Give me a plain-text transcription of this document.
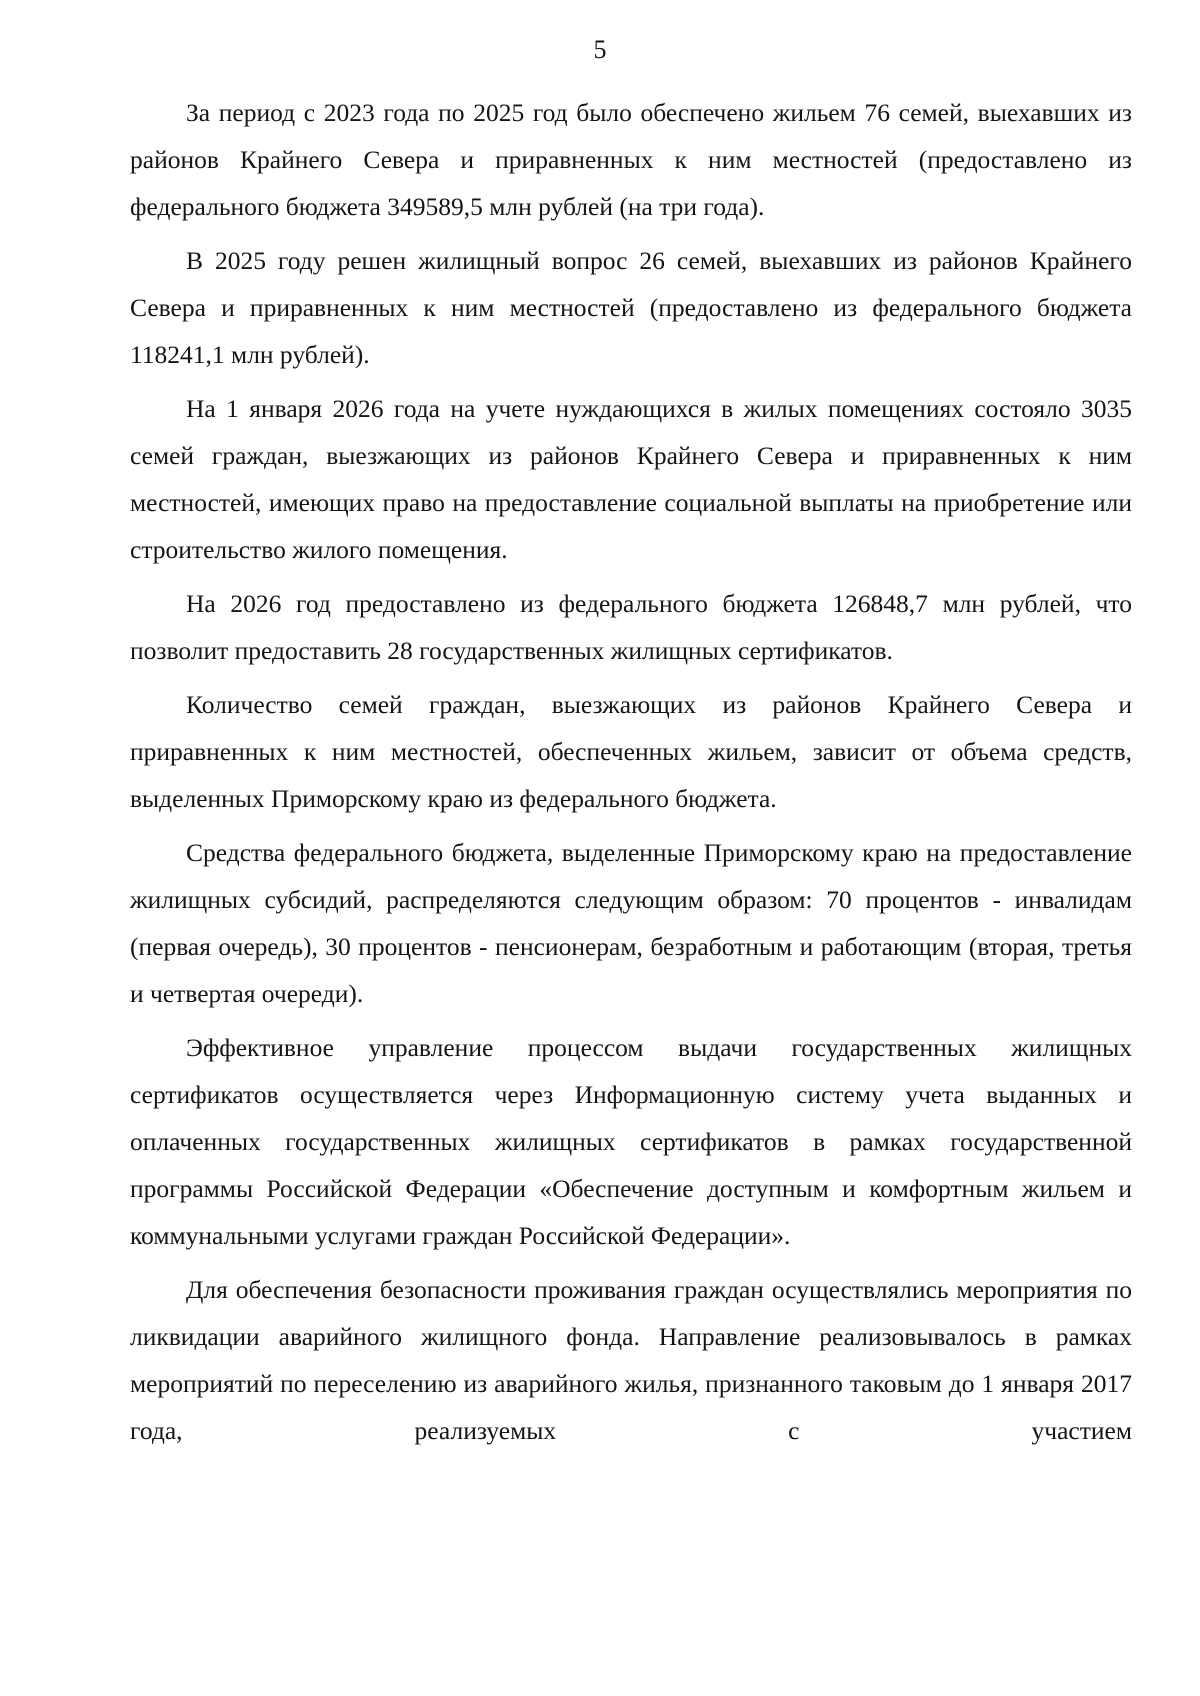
5

За период с 2023 года по 2025 год было обеспечено жильем 76 семей, выехавших из районов Крайнего Севера и приравненных к ним местностей (предоставлено из федерального бюджета 349589,5 млн рублей (на три года).

В 2025 году решен жилищный вопрос 26 семей, выехавших из районов Крайнего Севера и приравненных к ним местностей (предоставлено из федерального бюджета 118241,1 млн рублей).

На 1 января 2026 года на учете нуждающихся в жилых помещениях состояло 3035 семей граждан, выезжающих из районов Крайнего Севера и приравненных к ним местностей, имеющих право на предоставление социальной выплаты на приобретение или строительство жилого помещения.

На 2026 год предоставлено из федерального бюджета 126848,7 млн рублей, что позволит предоставить 28 государственных жилищных сертификатов.

Количество семей граждан, выезжающих из районов Крайнего Севера и приравненных к ним местностей, обеспеченных жильем, зависит от объема средств, выделенных Приморскому краю из федерального бюджета.

Средства федерального бюджета, выделенные Приморскому краю на предоставление жилищных субсидий, распределяются следующим образом: 70 процентов - инвалидам (первая очередь), 30 процентов - пенсионерам, безработным и работающим (вторая, третья и четвертая очереди).

Эффективное управление процессом выдачи государственных жилищных сертификатов осуществляется через Информационную систему учета выданных и оплаченных государственных жилищных сертификатов в рамках государственной программы Российской Федерации «Обеспечение доступным и комфортным жильем и коммунальными услугами граждан Российской Федерации».

Для обеспечения безопасности проживания граждан осуществлялись мероприятия по ликвидации аварийного жилищного фонда. Направление реализовывалось в рамках мероприятий по переселению из аварийного жилья, признанного таковым до 1 января 2017 года, реализуемых с участием
